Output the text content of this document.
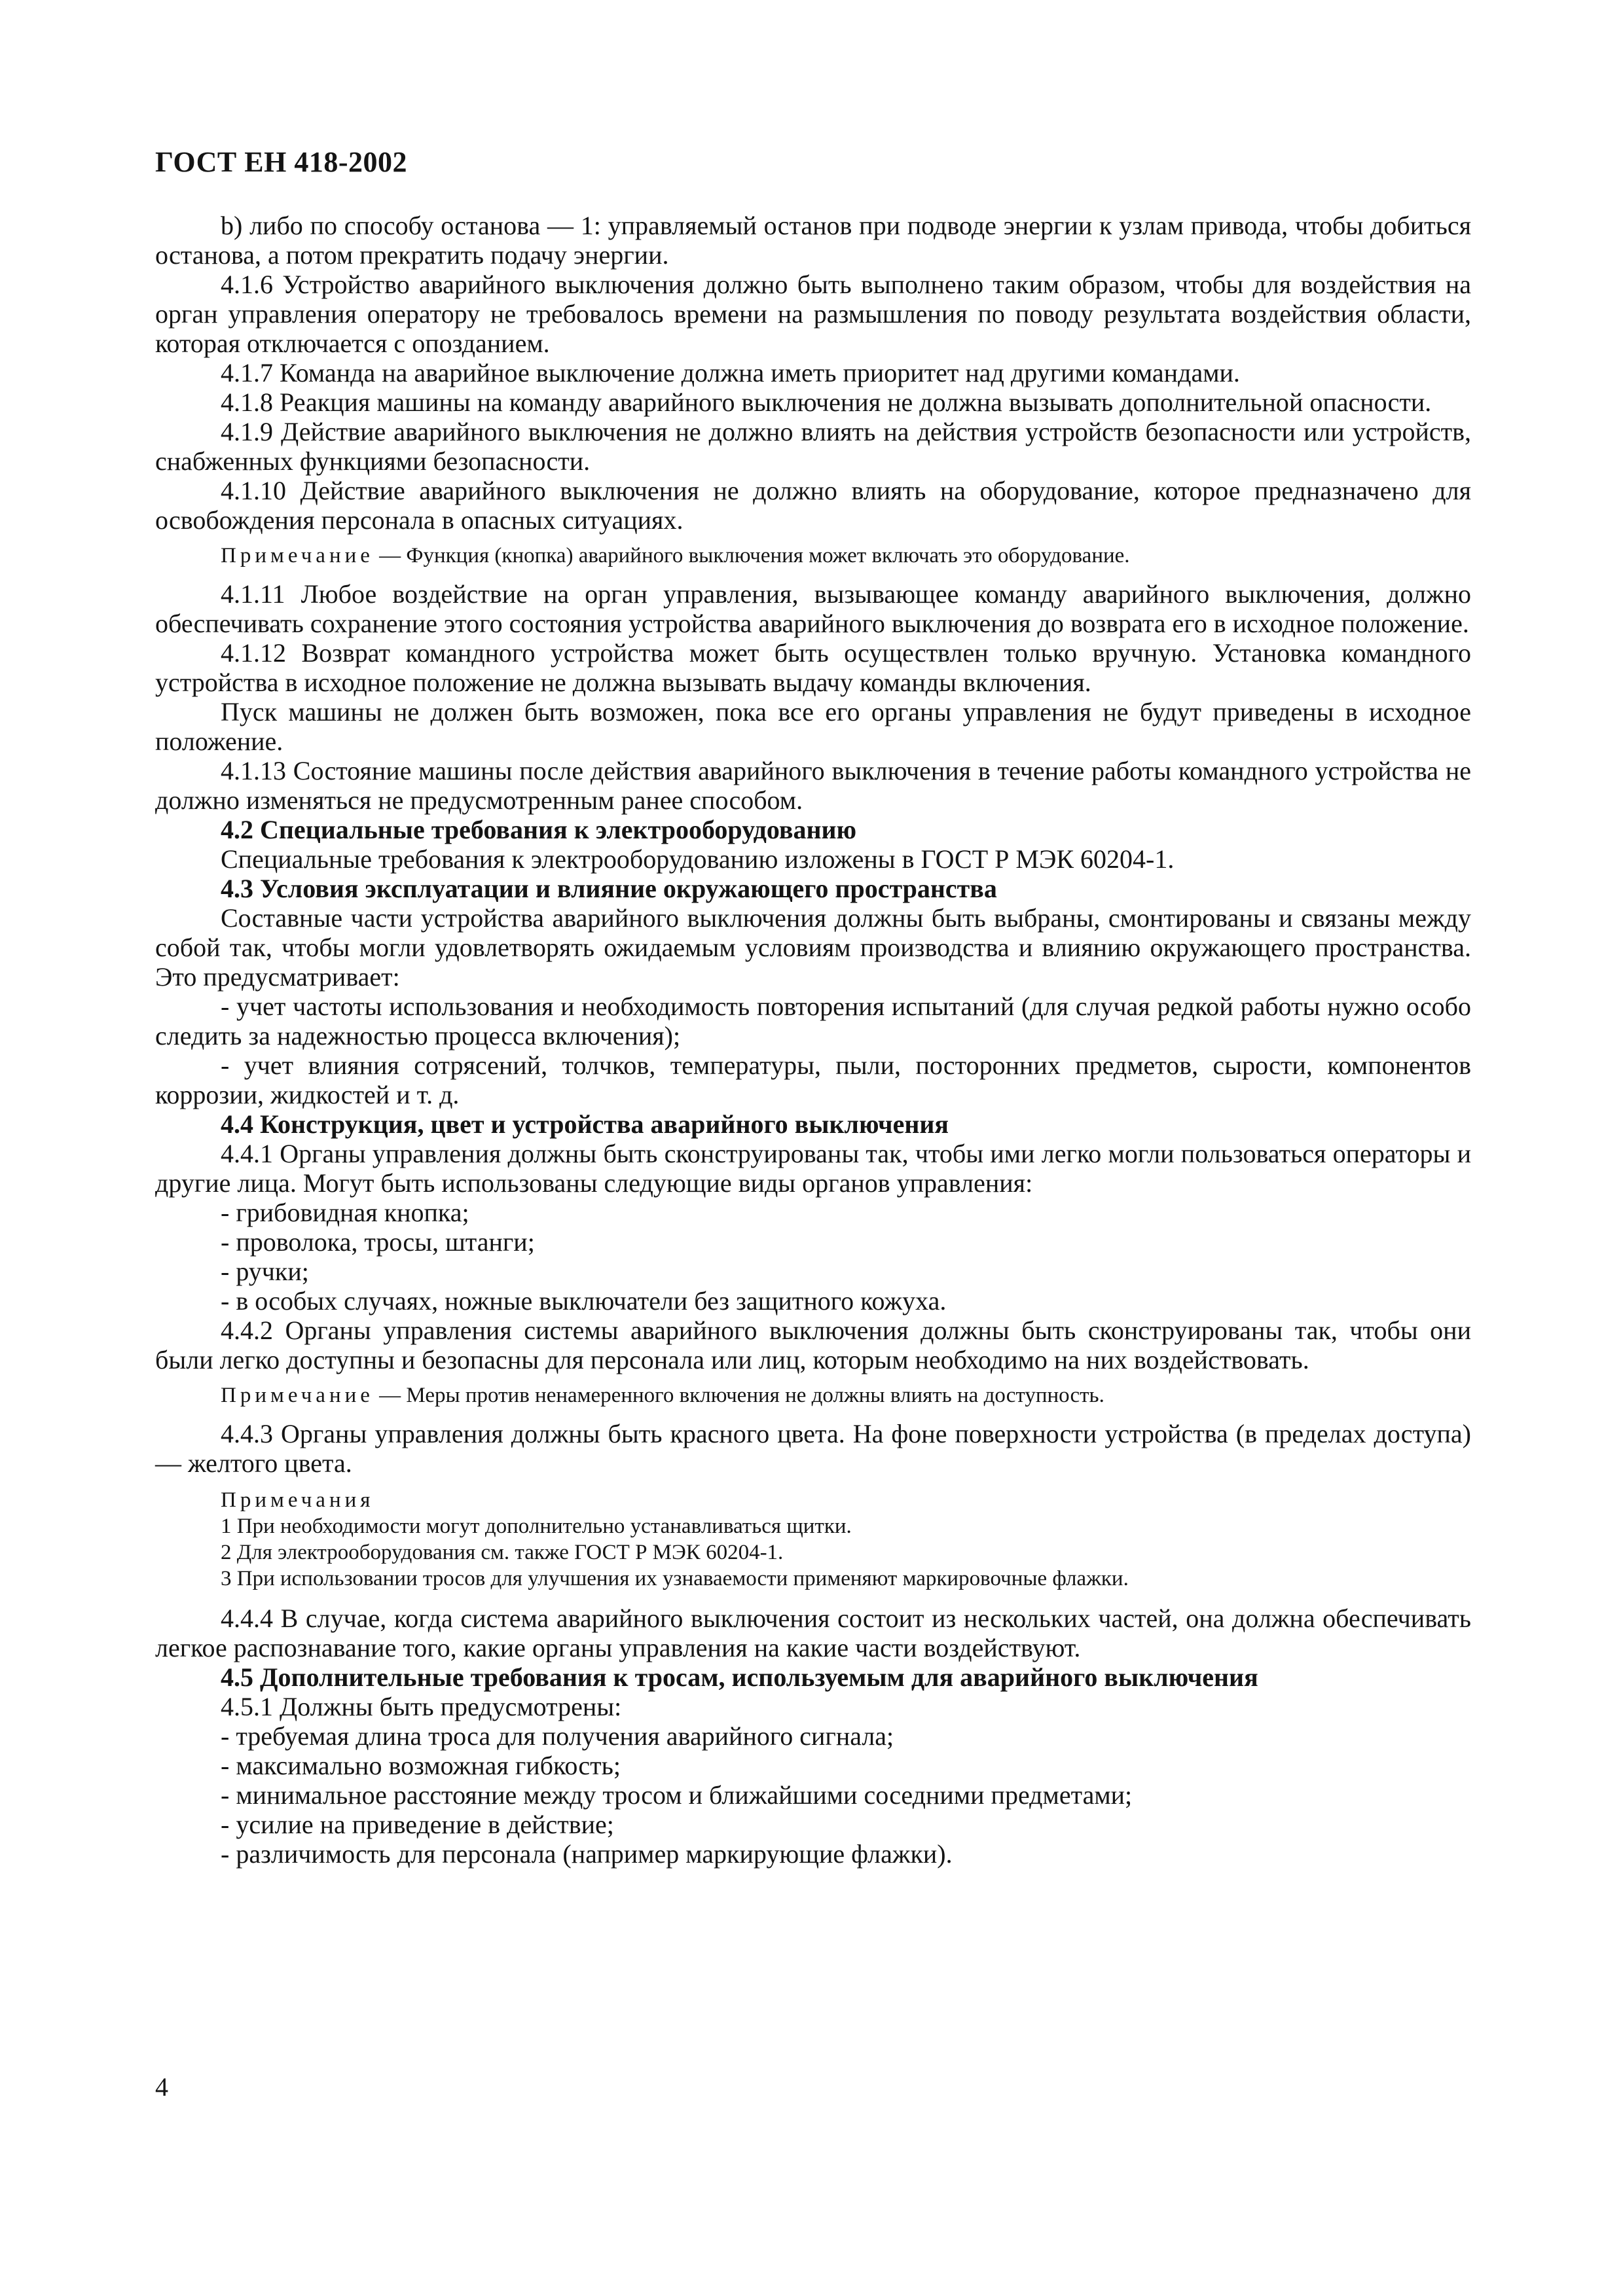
ГОСТ ЕН 418-2002

b) либо по способу останова — 1: управляемый останов при подводе энергии к узлам привода, чтобы добиться останова, а потом прекратить подачу энергии.

4.1.6 Устройство аварийного выключения должно быть выполнено таким образом, чтобы для воздействия на орган управления оператору не требовалось времени на размышления по поводу результата воздействия области, которая отключается с опозданием.

4.1.7 Команда на аварийное выключение должна иметь приоритет над другими командами.

4.1.8 Реакция машины на команду аварийного выключения не должна вызывать дополнительной опасности.

4.1.9 Действие аварийного выключения не должно влиять на действия устройств безопасности или устройств, снабженных функциями безопасности.

4.1.10 Действие аварийного выключения не должно влиять на оборудование, которое предназначено для освобождения персонала в опасных ситуациях.

Примечание — Функция (кнопка) аварийного выключения может включать это оборудование.

4.1.11 Любое воздействие на орган управления, вызывающее команду аварийного выключения, должно обеспечивать сохранение этого состояния устройства аварийного выключения до возврата его в исходное положение.

4.1.12 Возврат командного устройства может быть осуществлен только вручную. Установка командного устройства в исходное положение не должна вызывать выдачу команды включения.

Пуск машины не должен быть возможен, пока все его органы управления не будут приведены в исходное положение.

4.1.13 Состояние машины после действия аварийного выключения в течение работы командного устройства не должно изменяться не предусмотренным ранее способом.

4.2 Специальные требования к электрооборудованию

Специальные требования к электрооборудованию изложены в ГОСТ Р МЭК 60204-1.

4.3 Условия эксплуатации и влияние окружающего пространства

Составные части устройства аварийного выключения должны быть выбраны, смонтированы и связаны между собой так, чтобы могли удовлетворять ожидаемым условиям производства и влиянию окружающего пространства. Это предусматривает:

- учет частоты использования и необходимость повторения испытаний (для случая редкой работы нужно особо следить за надежностью процесса включения);

- учет влияния сотрясений, толчков, температуры, пыли, посторонних предметов, сырости, компонентов коррозии, жидкостей и т. д.

4.4 Конструкция, цвет и устройства аварийного выключения

4.4.1 Органы управления должны быть сконструированы так, чтобы ими легко могли пользоваться операторы и другие лица. Могут быть использованы следующие виды органов управления:

- грибовидная кнопка;

- проволока, тросы, штанги;

- ручки;

- в особых случаях, ножные выключатели без защитного кожуха.

4.4.2 Органы управления системы аварийного выключения должны быть сконструированы так, чтобы они были легко доступны и безопасны для персонала или лиц, которым необходимо на них воздействовать.

Примечание — Меры против ненамеренного включения не должны влиять на доступность.

4.4.3 Органы управления должны быть красного цвета. На фоне поверхности устройства (в пределах доступа) — желтого цвета.

Примечания

1 При необходимости могут дополнительно устанавливаться щитки.

2 Для электрооборудования см. также ГОСТ Р МЭК 60204-1.

3 При использовании тросов для улучшения их узнаваемости применяют маркировочные флажки.

4.4.4 В случае, когда система аварийного выключения состоит из нескольких частей, она должна обеспечивать легкое распознавание того, какие органы управления на какие части воздействуют.

4.5 Дополнительные требования к тросам, используемым для аварийного выключения

4.5.1 Должны быть предусмотрены:

- требуемая длина троса для получения аварийного сигнала;

- максимально возможная гибкость;

- минимальное расстояние между тросом и ближайшими соседними предметами;

- усилие на приведение в действие;

- различимость для персонала (например маркирующие флажки).

4
